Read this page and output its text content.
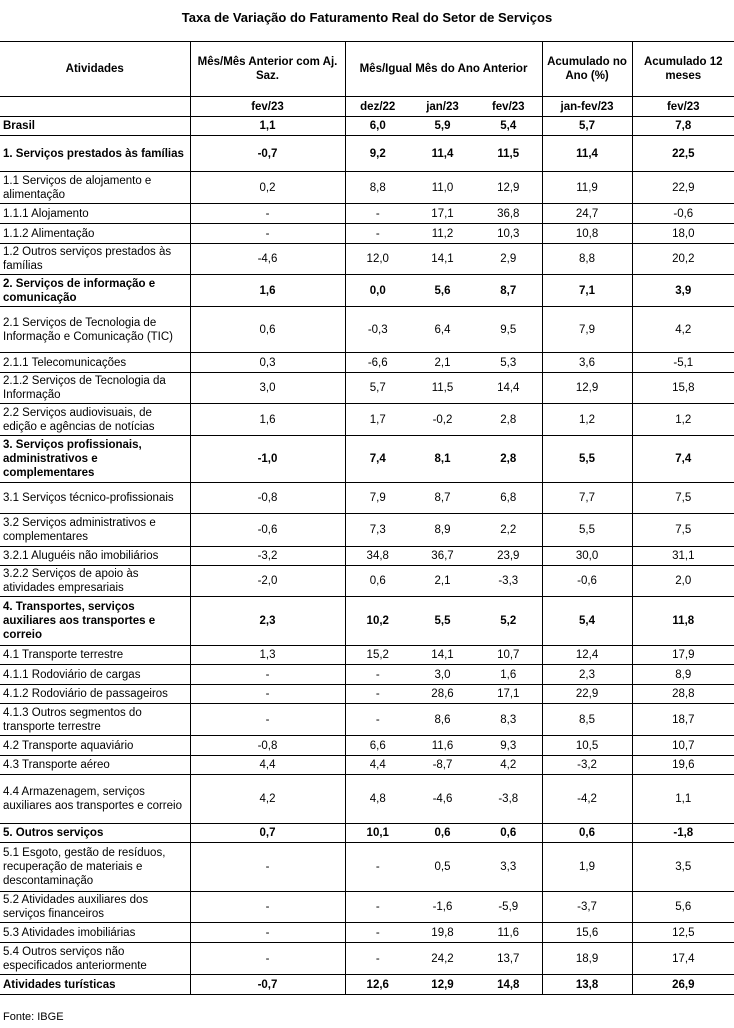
Taxa de Variação do Faturamento Real do Setor de Serviços
Atividades	Mês/Mês Anterior com Aj. Saz.	Mês/Igual Mês do Ano Anterior			Acumulado no Ano (%)	Acumulado 12 meses
	fev/23	dez/22	jan/23	fev/23	jan-fev/23	fev/23
Brasil	1,1	6,0	5,9	5,4	5,7	7,8
1. Serviços prestados às famílias	-0,7	9,2	11,4	11,5	11,4	22,5
1.1 Serviços de alojamento e alimentação	0,2	8,8	11,0	12,9	11,9	22,9
1.1.1 Alojamento	-	-	17,1	36,8	24,7	-0,6
1.1.2 Alimentação	-	-	11,2	10,3	10,8	18,0
1.2 Outros serviços prestados às famílias	-4,6	12,0	14,1	2,9	8,8	20,2
2. Serviços de informação e comunicação	1,6	0,0	5,6	8,7	7,1	3,9
2.1 Serviços de Tecnologia de Informação e Comunicação (TIC)	0,6	-0,3	6,4	9,5	7,9	4,2
2.1.1 Telecomunicações	0,3	-6,6	2,1	5,3	3,6	-5,1
2.1.2 Serviços de Tecnologia da Informação	3,0	5,7	11,5	14,4	12,9	15,8
2.2 Serviços audiovisuais, de edição e agências de notícias	1,6	1,7	-0,2	2,8	1,2	1,2
3. Serviços profissionais, administrativos e complementares	-1,0	7,4	8,1	2,8	5,5	7,4
3.1 Serviços técnico-profissionais	-0,8	7,9	8,7	6,8	7,7	7,5
3.2 Serviços administrativos e complementares	-0,6	7,3	8,9	2,2	5,5	7,5
3.2.1 Aluguéis não imobiliários	-3,2	34,8	36,7	23,9	30,0	31,1
3.2.2 Serviços de apoio às atividades empresariais	-2,0	0,6	2,1	-3,3	-0,6	2,0
4. Transportes, serviços auxiliares aos transportes e correio	2,3	10,2	5,5	5,2	5,4	11,8
4.1 Transporte terrestre	1,3	15,2	14,1	10,7	12,4	17,9
4.1.1 Rodoviário de cargas	-	-	3,0	1,6	2,3	8,9
4.1.2 Rodoviário de passageiros	-	-	28,6	17,1	22,9	28,8
4.1.3 Outros segmentos do transporte terrestre	-	-	8,6	8,3	8,5	18,7
4.2 Transporte aquaviário	-0,8	6,6	11,6	9,3	10,5	10,7
4.3 Transporte aéreo	4,4	4,4	-8,7	4,2	-3,2	19,6
4.4 Armazenagem, serviços auxiliares aos transportes e correio	4,2	4,8	-4,6	-3,8	-4,2	1,1
5. Outros serviços	0,7	10,1	0,6	0,6	0,6	-1,8
5.1 Esgoto, gestão de resíduos, recuperação de materiais e descontaminação	-	-	0,5	3,3	1,9	3,5
5.2 Atividades auxiliares dos serviços financeiros	-	-	-1,6	-5,9	-3,7	5,6
5.3 Atividades imobiliárias	-	-	19,8	11,6	15,6	12,5
5.4 Outros serviços não especificados anteriormente	-	-	24,2	13,7	18,9	17,4
Atividades turísticas	-0,7	12,6	12,9	14,8	13,8	26,9
Fonte: IBGE
